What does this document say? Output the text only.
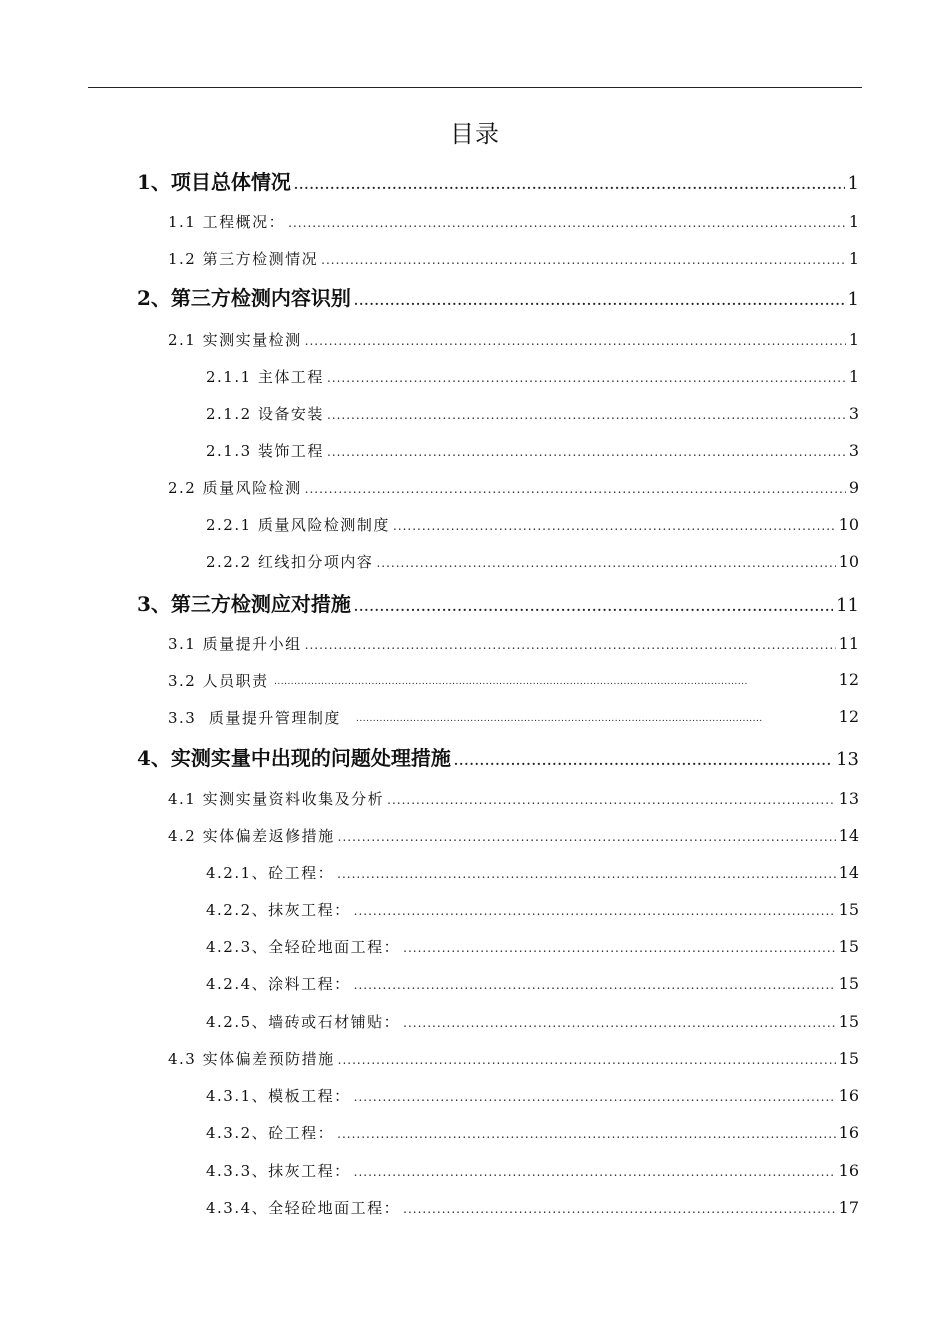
目录
1、项目总体情况 .....	1
1.1 工程概况： .....	1
1.2 第三方检测情况 .....	1
2、第三方检测内容识别 .....	1
2.1 实测实量检测 .....	1
2.1.1 主体工程 .....	1
2.1.2 设备安装 .....	3
2.1.3 装饰工程 .....	3
2.2 质量风险检测 .....	9
2.2.1 质量风险检测制度 .....	10
2.2.2 红线扣分项内容 .....	10
3、第三方检测应对措施 .....	11
3.1 质量提升小组 .....	11
3.2 人员职责 .....	12
3.3  质量提升管理制度 .....	12
4、实测实量中出现的问题处理措施 .....	13
4.1 实测实量资料收集及分析 .....	13
4.2 实体偏差返修措施 .....	14
4.2.1、砼工程： .....	14
4.2.2、抹灰工程： .....	15
4.2.3、全轻砼地面工程： .....	15
4.2.4、涂料工程： .....	15
4.2.5、墙砖或石材铺贴： .....	15
4.3 实体偏差预防措施 .....	15
4.3.1、模板工程： .....	16
4.3.2、砼工程： .....	16
4.3.3、抹灰工程： .....	16
4.3.4、全轻砼地面工程： .....	17
